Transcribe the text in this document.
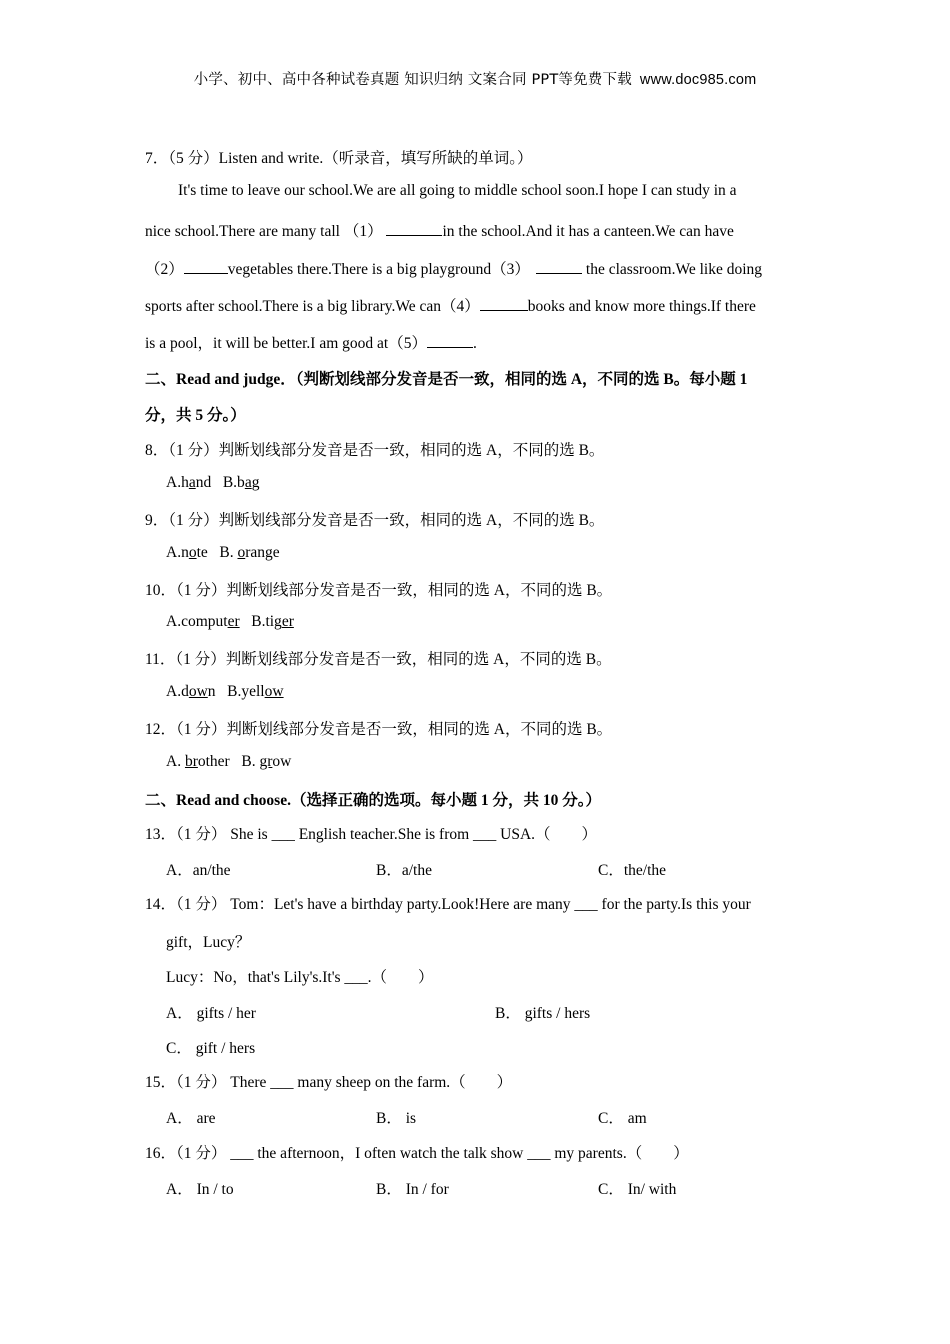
小学、初中、高中各种试卷真题 知识归纳 文案合同 PPT等免费下载 www.doc985.com
7．（5 分）Listen and write.（听录音，填写所缺的单词。）
It's time to leave our school.We are all going to middle school soon.I hope I can study in a
nice school.There are many tall （1）	in the school.And it has a canteen.We can have
（2）	vegetables there.There is a big playground（3）	the classroom.We like doing
sports after school.There is a big library.We can（4）	books and know more things.If there
is a pool，it will be better.I am good at（5）	.
二、Read and judge．（判断划线部分发音是否一致，相同的选 A，不同的选 B。每小题 1
分，共 5 分。）
8．（1 分）判断划线部分发音是否一致，相同的选 A，不同的选 B。
A.hand B.bag
9．（1 分）判断划线部分发音是否一致，相同的选 A，不同的选 B。
A.note B. orange
10．（1 分）判断划线部分发音是否一致，相同的选 A，不同的选 B。
A.computer B.tiger
11．（1 分）判断划线部分发音是否一致，相同的选 A，不同的选 B。
A.down B.yellow
12．（1 分）判断划线部分发音是否一致，相同的选 A，不同的选 B。
A. brother B. grow
二、Read and choose.（选择正确的选项。每小题 1 分，共 10 分。）
13．（1 分） She is ___ English teacher.She is from ___ USA.（　　）
A．an/the	B．a/the	C．the/the
14．（1 分） Tom：Let's have a birthday party.Look!Here are many ___ for the party.Is this your
gift，Lucy？
Lucy：No，that's Lily's.It's ___.（　　）
A． gifts / her	B． gifts / hers
C． gift / hers
15．（1 分） There ___ many sheep on the farm.（　　）
A． are	B． is	C． am
16．（1 分） ___ the afternoon，I often watch the talk show ___ my parents.（　　）
A． In / to	B． In / for	C． In/ with
